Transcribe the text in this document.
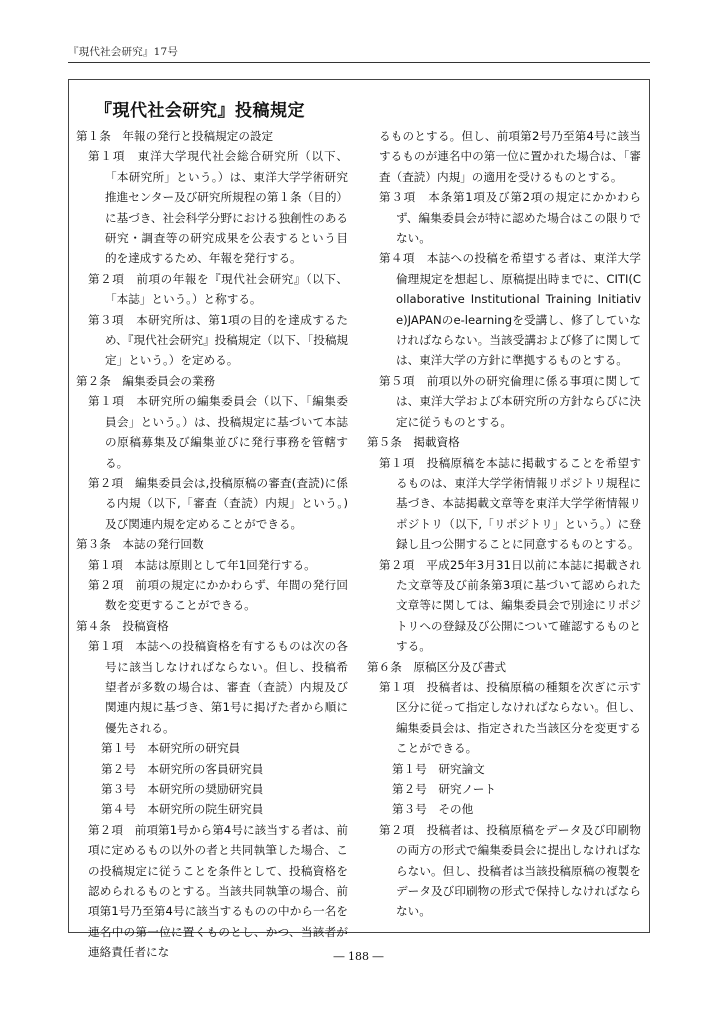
『現代社会研究』17号
『現代社会研究』投稿規定

第１条　年報の発行と投稿規定の設定

第１項　東洋大学現代社会総合研究所（以下、「本研究所」という。）は、東洋大学学術研究推進センター及び研究所規程の第１条（目的）に基づき、社会科学分野における独創性のある研究・調査等の研究成果を公表するという目的を達成するため、年報を発行する。

第２項　前項の年報を『現代社会研究』（以下、「本誌」という。）と称する。

第３項　本研究所は、第1項の目的を達成するため、『現代社会研究』投稿規定（以下、「投稿規定」という。）を定める。

第２条　編集委員会の業務

第１項　本研究所の編集委員会（以下、「編集委員会」という。）は、投稿規定に基づいて本誌の原稿募集及び編集並びに発行事務を管轄する。

第２項　編集委員会は,投稿原稿の審査(査読)に係る内規（以下,「審査（査読）内規」という。)及び関連内規を定めることができる。

第３条　本誌の発行回数

第１項　本誌は原則として年1回発行する。

第２項　前項の規定にかかわらず、年間の発行回数を変更することができる。

第４条　投稿資格

第１項　本誌への投稿資格を有するものは次の各号に該当しなければならない。但し、投稿希望者が多数の場合は、審査（査読）内規及び関連内規に基づき、第1号に掲げた者から順に優先される。

第１号　本研究所の研究員

第２号　本研究所の客員研究員

第３号　本研究所の奨励研究員

第４号　本研究所の院生研究員

第２項　前項第1号から第4号に該当する者は、前項に定めるもの以外の者と共同執筆した場合、この投稿規定に従うことを条件として、投稿資格を認められるものとする。当該共同執筆の場合、前項第1号乃至第4号に該当するものの中から一名を連名中の第一位に置くものとし、かつ、当該者が連絡責任者にな

るものとする。但し、前項第2号乃至第4号に該当するものが連名中の第一位に置かれた場合は、「審査（査読）内規」の適用を受けるものとする。

第３項　本条第1項及び第2項の規定にかかわらず、編集委員会が特に認めた場合はこの限りでない。

第４項　本誌への投稿を希望する者は、東洋大学倫理規定を想起し、原稿提出時までに、CITI(Collaborative Institutional Training Initiative)JAPANのe-learningを受講し、修了していなければならない。当該受講および修了に関しては、東洋大学の方針に準拠するものとする。

第５項　前項以外の研究倫理に係る事項に関しては、東洋大学および本研究所の方針ならびに決定に従うものとする。

第５条　掲載資格

第１項　投稿原稿を本誌に掲載することを希望するものは、東洋大学学術情報リポジトリ規程に基づき、本誌掲載文章等を東洋大学学術情報リポジトリ（以下,「リポジトリ」という。）に登録し且つ公開することに同意するものとする。

第２項　平成25年3月31日以前に本誌に掲載された文章等及び前条第3項に基づいて認められた文章等に関しては、編集委員会で別途にリポジトリへの登録及び公開について確認するものとする。

第６条　原稿区分及び書式

第１項　投稿者は、投稿原稿の種類を次ぎに示す区分に従って指定しなければならない。但し、編集委員会は、指定された当該区分を変更することができる。

第１号　研究論文

第２号　研究ノート

第３号　その他

第２項　投稿者は、投稿原稿をデータ及び印刷物の両方の形式で編集委員会に提出しなければならない。但し、投稿者は当該投稿原稿の複製をデータ及び印刷物の形式で保持しなければならない。

― 188 ―
